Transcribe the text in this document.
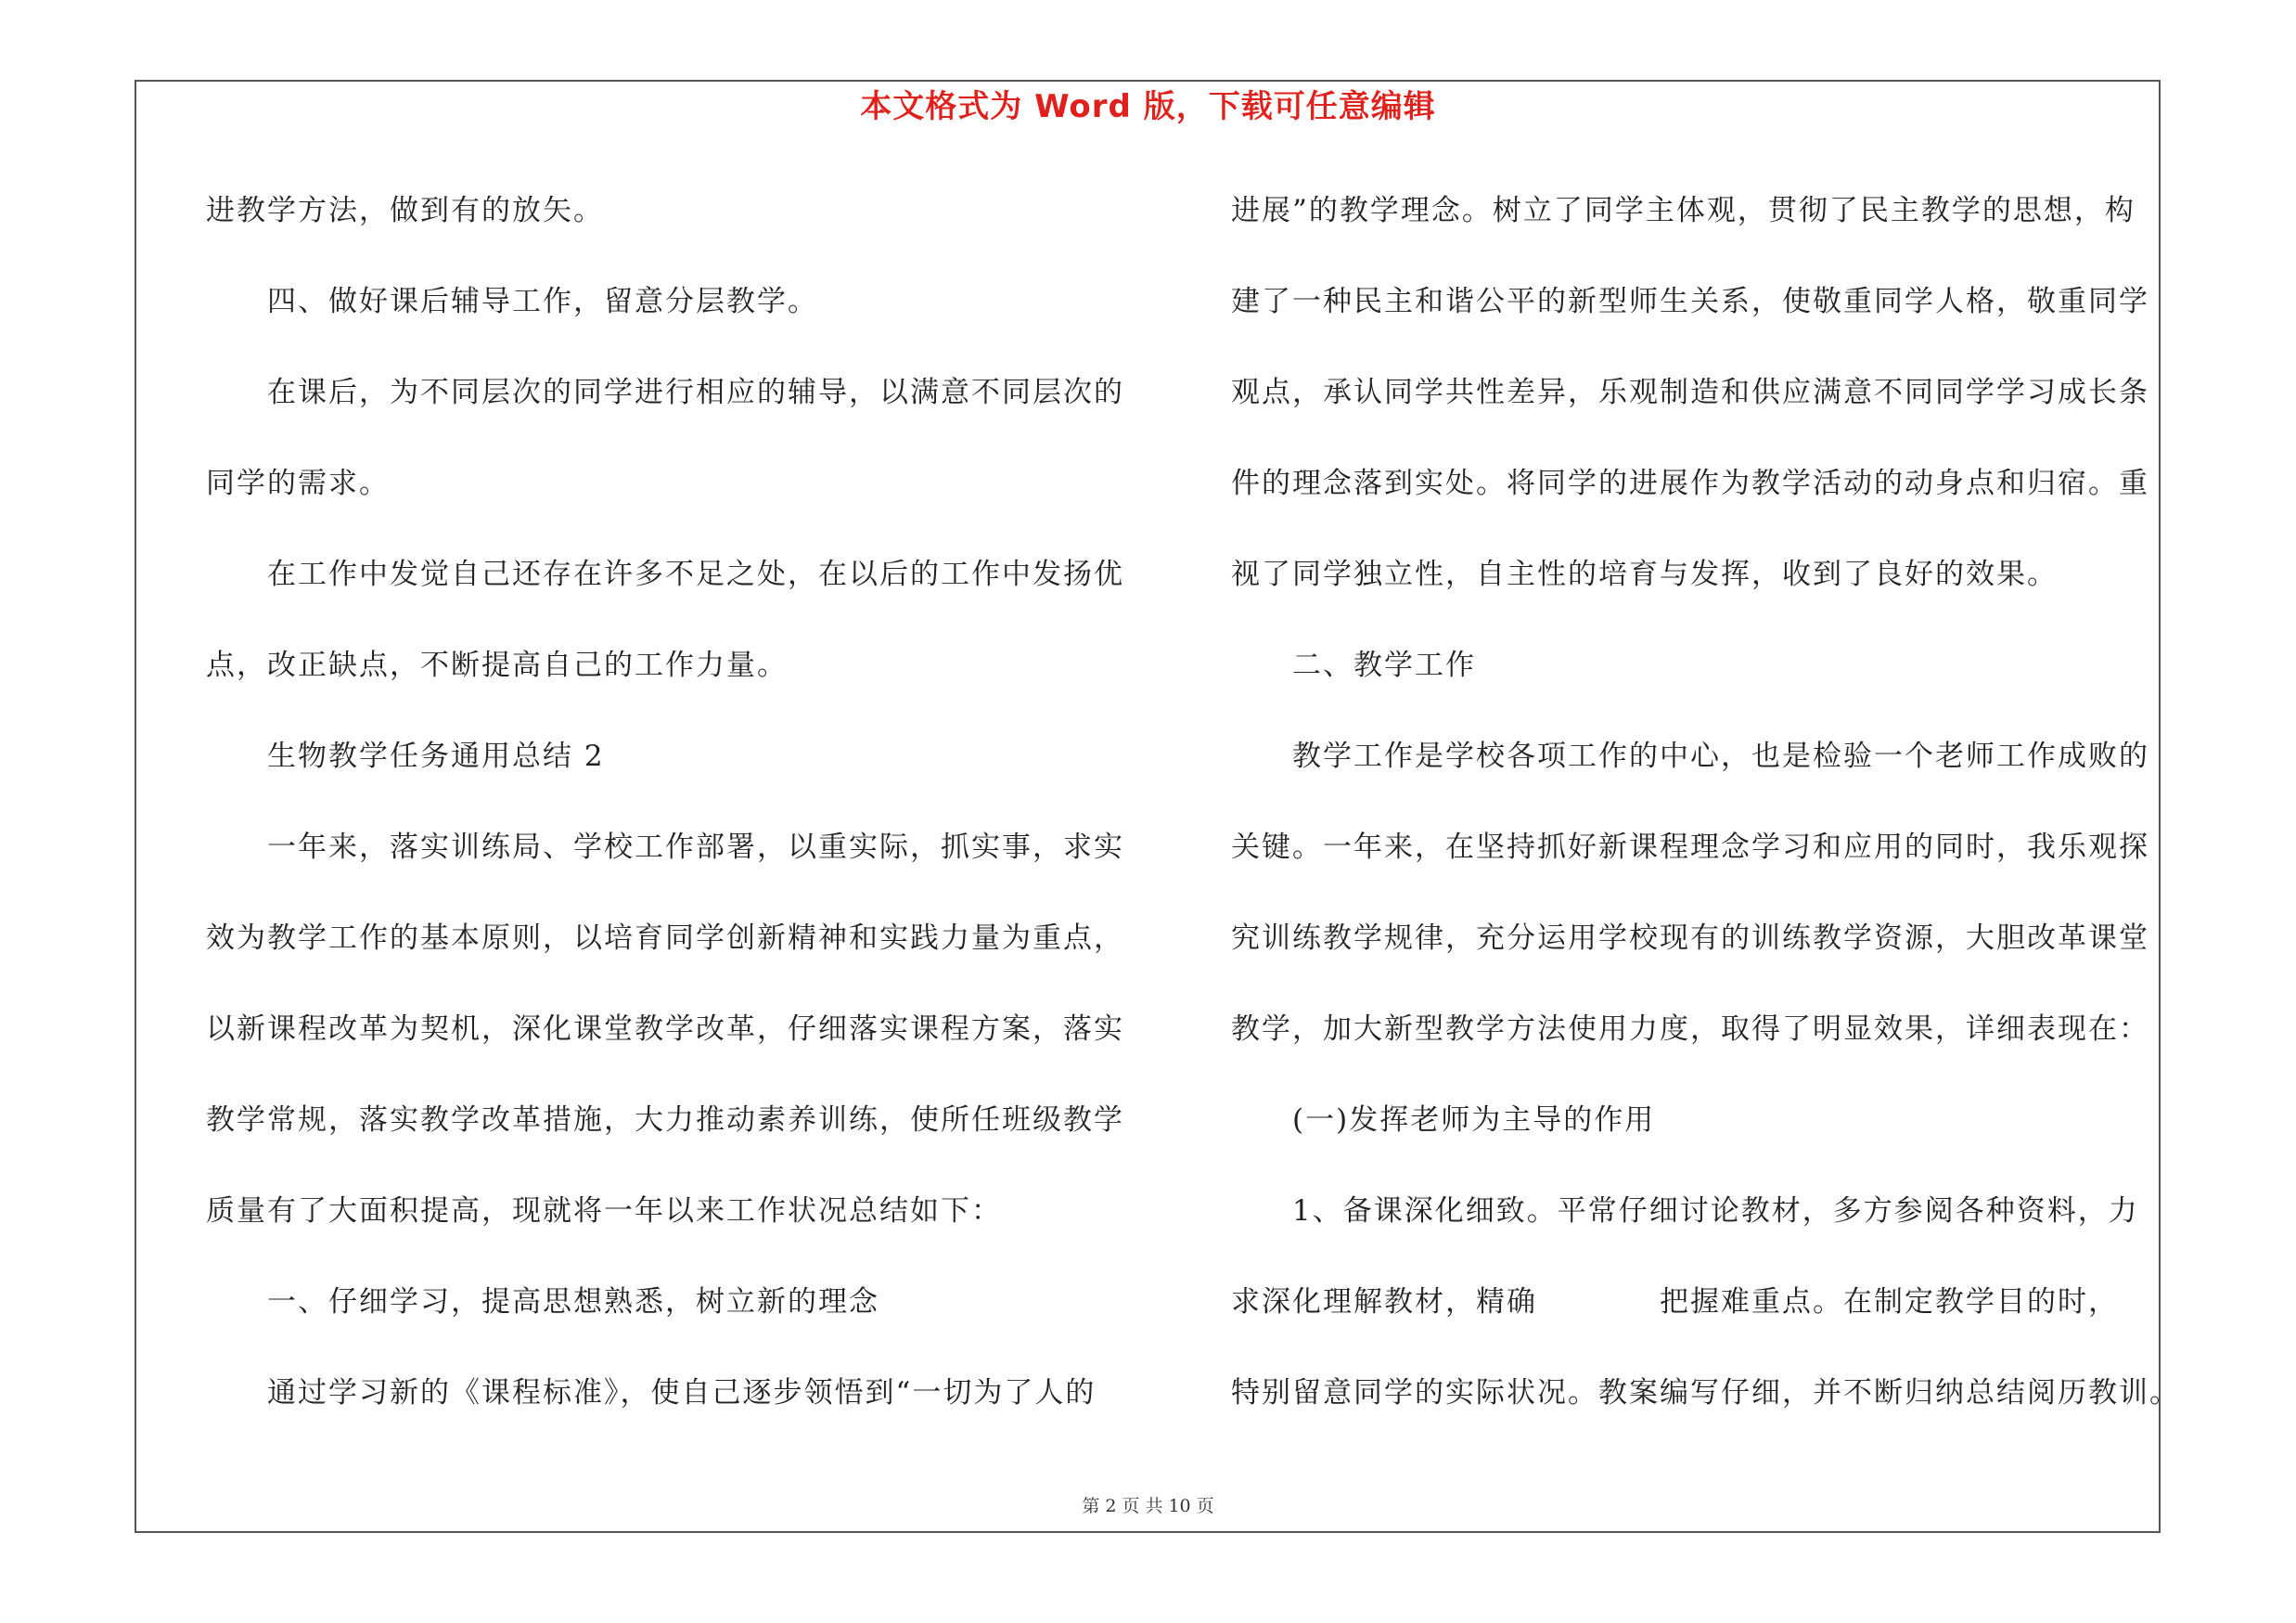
本文格式为 Word 版，下载可任意编辑
进教学方法，做到有的放矢。
四、做好课后辅导工作，留意分层教学。
在课后，为不同层次的同学进行相应的辅导，以满意不同层次的
同学的需求。
在工作中发觉自己还存在许多不足之处，在以后的工作中发扬优
点，改正缺点，不断提高自己的工作力量。
生物教学任务通用总结 2
一年来，落实训练局、学校工作部署，以重实际，抓实事，求实
效为教学工作的基本原则，以培育同学创新精神和实践力量为重点，
以新课程改革为契机，深化课堂教学改革，仔细落实课程方案，落实
教学常规，落实教学改革措施，大力推动素养训练，使所任班级教学
质量有了大面积提高，现就将一年以来工作状况总结如下：
一、仔细学习，提高思想熟悉，树立新的理念
通过学习新的《课程标准》，使自己逐步领悟到“一切为了人的
进展”的教学理念。树立了同学主体观，贯彻了民主教学的思想，构
建了一种民主和谐公平的新型师生关系，使敬重同学人格，敬重同学
观点，承认同学共性差异，乐观制造和供应满意不同同学学习成长条
件的理念落到实处。将同学的进展作为教学活动的动身点和归宿。重
视了同学独立性，自主性的培育与发挥，收到了良好的效果。
二、教学工作
教学工作是学校各项工作的中心，也是检验一个老师工作成败的
关键。一年来，在坚持抓好新课程理念学习和应用的同时，我乐观探
究训练教学规律，充分运用学校现有的训练教学资源，大胆改革课堂
教学，加大新型教学方法使用力度，取得了明显效果，详细表现在：
(一)发挥老师为主导的作用
1、备课深化细致。平常仔细讨论教材，多方参阅各种资料，力
求深化理解教材，精确　　　　把握难重点。在制定教学目的时，
特别留意同学的实际状况。教案编写仔细，并不断归纳总结阅历教训。
第 2 页 共 10 页
